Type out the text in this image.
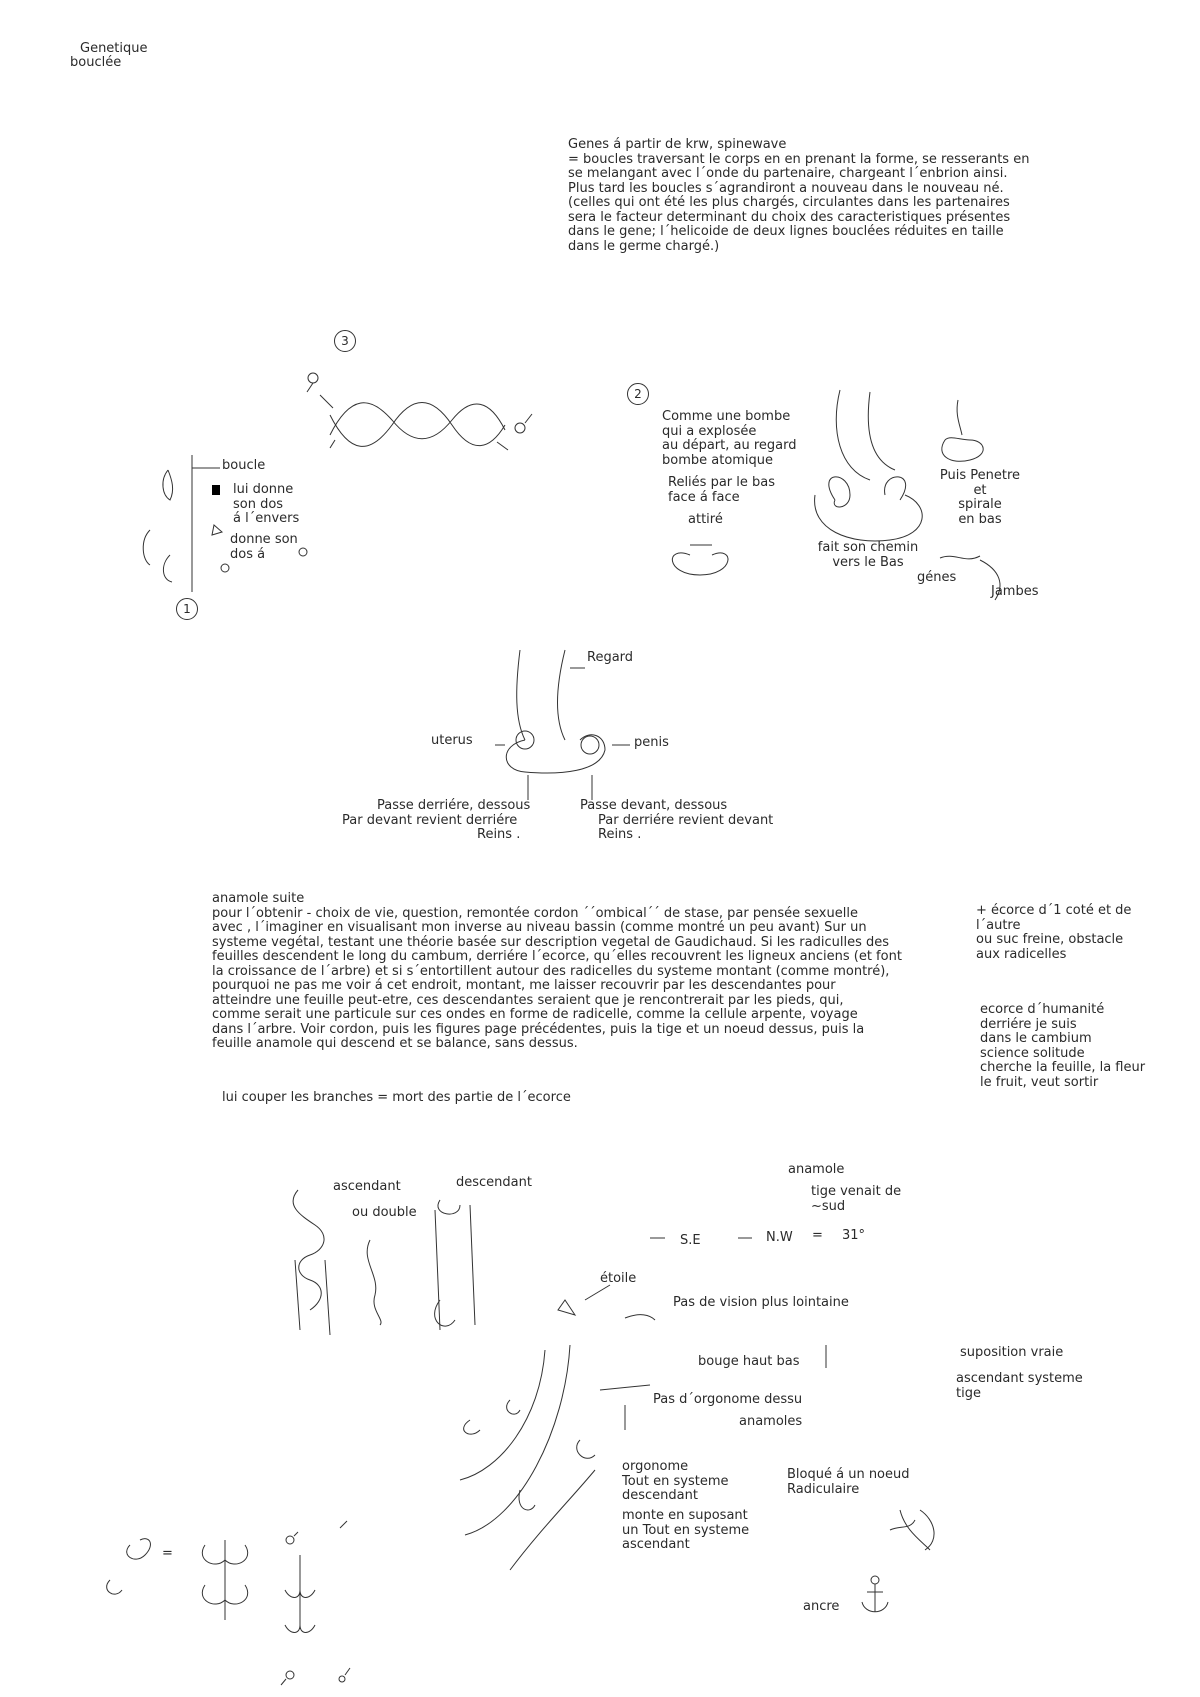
Genetique
bouclée
Genes á partir de krw, spinewave
= boucles traversant le corps en en prenant la forme, se resserants en
se melangant avec l´onde du partenaire, chargeant l´enbrion ainsi.
Plus tard les boucles s´agrandiront a nouveau dans le nouveau né.
(celles qui ont été les plus chargés, circulantes dans les partenaires
sera le facteur determinant du choix des caracteristiques présentes
dans le gene; l´helicoide de deux lignes bouclées réduites en taille
dans le germe chargé.)
3
2
1
boucle
lui donne
son dos
á l´envers
donne son
dos á
Comme une bombe
qui a explosée
au départ, au regard
bombe atomique
Reliés par le bas
face á face
attiré
fait son chemin
vers le Bas
Puis Penetre
et
spirale
en bas
génes
Jambes
Regard
uterus	penis
Passe derriére, dessous
Par devant revient derriére
Reins .
Passe devant, dessous
Par derriére revient devant
Reins .
anamole suite
pour l´obtenir - choix de vie, question, remontée cordon ´´ombical´´ de stase, par pensée sexuelle
avec , l´imaginer en visualisant mon inverse au niveau bassin (comme montré un peu avant) Sur un
systeme vegétal, testant une théorie basée sur description vegetal de Gaudichaud. Si les radiculles des
feuilles descendent le long du cambum, derriére l´ecorce, qu´elles recouvrent les ligneux anciens (et font
la croissance de l´arbre) et si s´entortillent autour des radicelles du systeme montant (comme montré),
pourquoi ne pas me voir á cet endroit, montant, me laisser recouvrir par les descendantes pour
atteindre une feuille peut-etre, ces descendantes seraient que je rencontrerait par les pieds, qui,
comme serait une particule sur ces ondes en forme de radicelle, comme la cellule arpente, voyage
dans l´arbre. Voir cordon, puis les figures page précédentes, puis la tige et un noeud dessus, puis la
feuille anamole qui descend et se balance, sans dessus.
lui couper les branches = mort des partie de l´ecorce
+ écorce d´1 coté et de
l´autre
ou suc freine, obstacle
aux radicelles
ecorce d´humanité
derriére je suis
dans le cambium
science solitude
cherche la feuille, la fleur
le fruit, veut sortir
ascendant
ou double
descendant
anamole
tige venait de
~sud
S.E	N.W = 31°
étoile
Pas de vision plus lointaine
bouge haut bas
suposition vraie
ascendant systeme
tige
Pas d´orgonome dessu
anamoles
orgonome
Tout en systeme
descendant
monte en suposant
un Tout en systeme
ascendant
Bloqué á un noeud
Radiculaire
ancre
=
